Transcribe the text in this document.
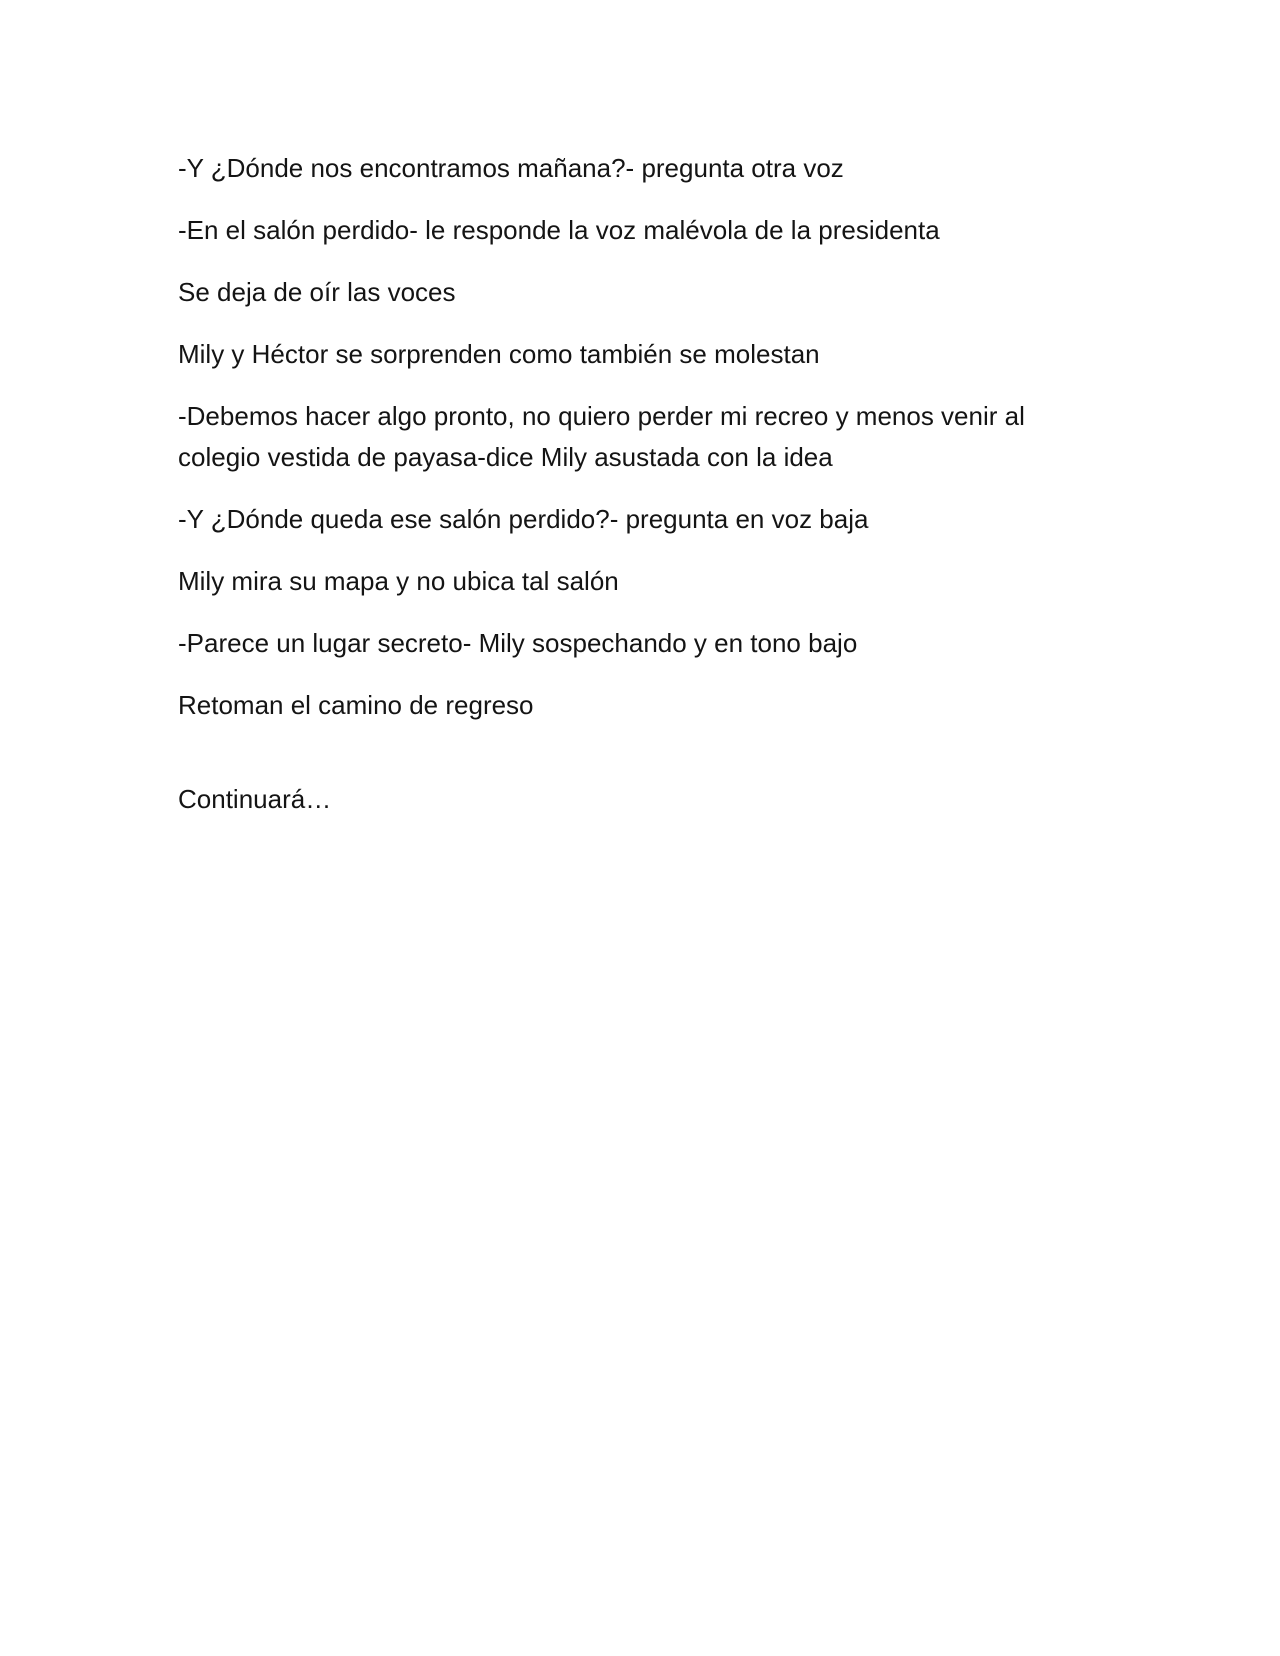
-Y ¿Dónde nos encontramos mañana?- pregunta otra voz

-En el salón perdido- le responde la voz malévola de la presidenta

Se deja de oír las voces

Mily y Héctor se sorprenden como también se molestan

-Debemos hacer algo pronto, no quiero perder mi recreo y menos venir al colegio vestida de payasa-dice Mily asustada con la idea

-Y ¿Dónde queda ese salón perdido?- pregunta en voz baja

Mily mira su mapa y no ubica tal salón

-Parece un lugar secreto- Mily sospechando y en tono bajo

Retoman el camino de regreso

Continuará…
